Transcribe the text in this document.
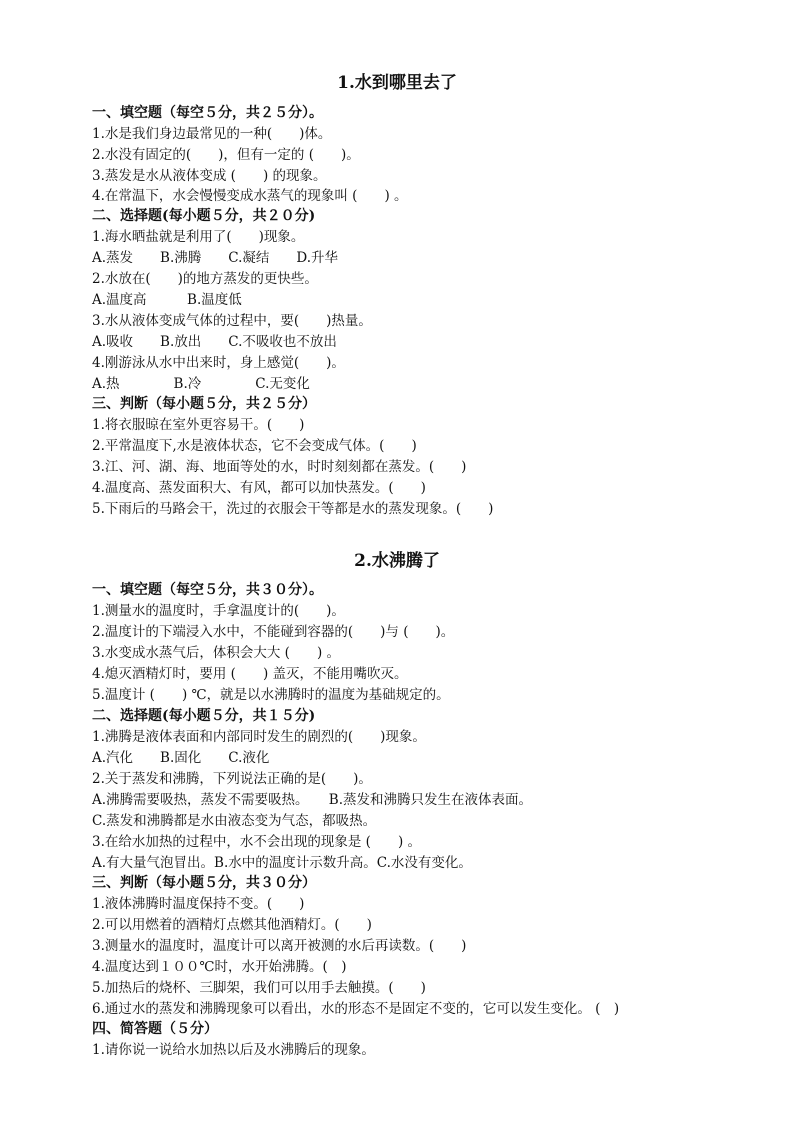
1.水到哪里去了
一、填空题（每空５分，共２５分）。
1.水是我们身边最常见的一种(　　)体。
2.水没有固定的(　　)，但有一定的 (　　)。
3.蒸发是水从液体变成 (　　) 的现象。
4.在常温下，水会慢慢变成水蒸气的现象叫 (　　) 。
二、选择题(每小题５分，共２０分)
1.海水晒盐就是利用了(　　)现象。
A.蒸发　　B.沸腾　　C.凝结　　D.升华
2.水放在(　　)的地方蒸发的更快些。
A.温度高　　　B.温度低
3.水从液体变成气体的过程中，要(　　)热量。
A.吸收　　B.放出　　C.不吸收也不放出
4.刚游泳从水中出来时，身上感觉(　　)。
A.热　　　　B.冷　　　　C.无变化
三、判断（每小题５分，共２５分）
1.将衣服晾在室外更容易干。(　　)
2.平常温度下,水是液体状态，它不会变成气体。(　　)
3.江、河、湖、海、地面等处的水，时时刻刻都在蒸发。(　　)
4.温度高、蒸发面积大、有风，都可以加快蒸发。(　　)
5.下雨后的马路会干，洗过的衣服会干等都是水的蒸发现象。(　　)
2.水沸腾了
一、填空题（每空５分，共３０分）。
1.测量水的温度时，手拿温度计的(　　)。
2.温度计的下端浸入水中，不能碰到容器的(　　)与 (　　)。
3.水变成水蒸气后，体积会大大 (　　) 。
4.熄灭酒精灯时，要用 (　　) 盖灭，不能用嘴吹灭。
5.温度计 (　　) ℃，就是以水沸腾时的温度为基础规定的。
二、选择题(每小题５分，共１５分)
1.沸腾是液体表面和内部同时发生的剧烈的(　　)现象。
A.汽化　　B.固化　　C.液化
2.关于蒸发和沸腾，下列说法正确的是(　　)。
A.沸腾需要吸热，蒸发不需要吸热。　　B.蒸发和沸腾只发生在液体表面。
C.蒸发和沸腾都是水由液态变为气态，都吸热。
3.在给水加热的过程中，水不会出现的现象是 (　　) 。
A.有大量气泡冒出。B.水中的温度计示数升高。C.水没有变化。
三、判断（每小题５分，共３０分）
1.液体沸腾时温度保持不变。(　　)
2.可以用燃着的酒精灯点燃其他酒精灯。(　　)
3.测量水的温度时，温度计可以离开被测的水后再读数。(　　)
4.温度达到１００℃时，水开始沸腾。(　)
5.加热后的烧杯、三脚架，我们可以用手去触摸。(　　)
6.通过水的蒸发和沸腾现象可以看出，水的形态不是固定不变的，它可以发生变化。 (　)
四、简答题（５分）
1.请你说一说给水加热以后及水沸腾后的现象。
